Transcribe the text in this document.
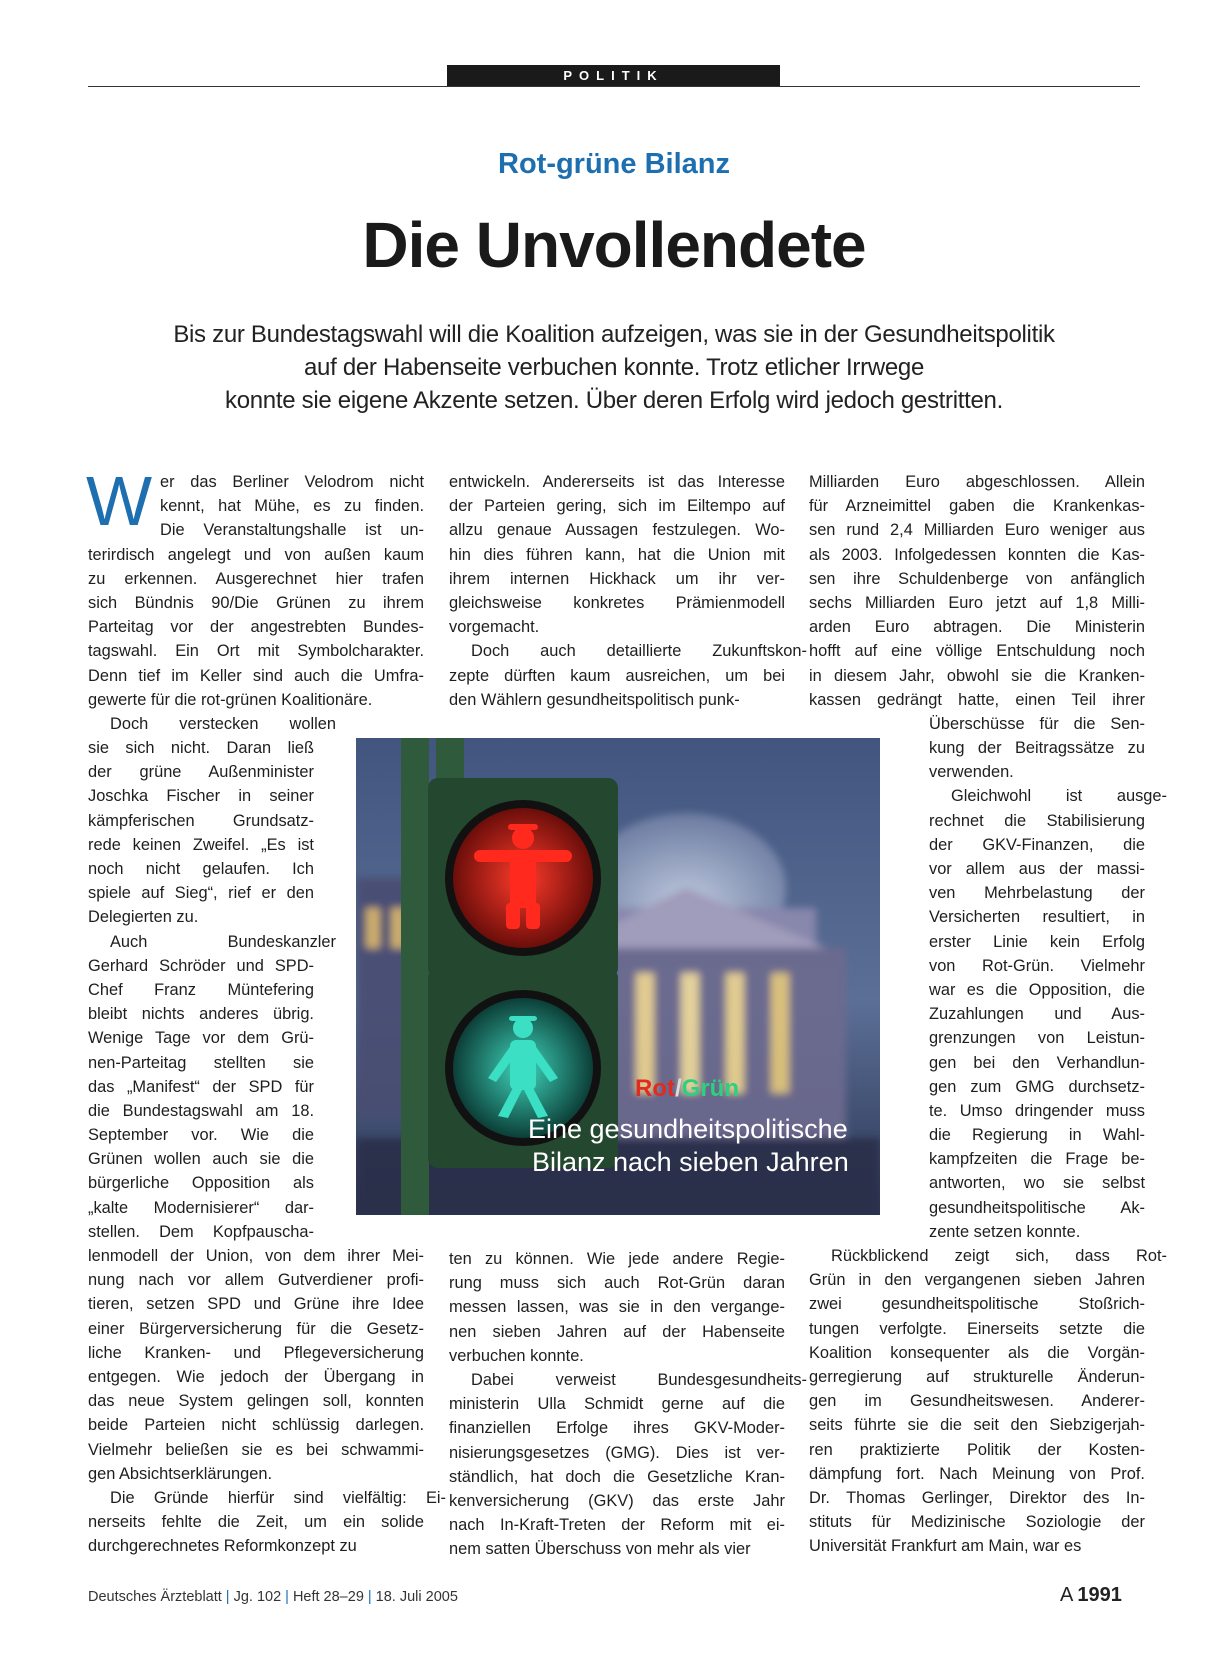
POLITIK
Rot-grüne Bilanz
Die Unvollendete
Bis zur Bundestagswahl will die Koalition aufzeigen, was sie in der Gesundheitspolitik
auf der Habenseite verbuchen konnte. Trotz etlicher Irrwege
konnte sie eigene Akzente setzen. Über deren Erfolg wird jedoch gestritten.
W er das Berliner Velodrom nicht
kennt, hat Mühe, es zu finden.
Die Veranstaltungshalle ist un-
terirdisch angelegt und von außen kaum
zu erkennen. Ausgerechnet hier trafen
sich Bündnis 90/Die Grünen zu ihrem
Parteitag vor der angestrebten Bundes-
tagswahl. Ein Ort mit Symbolcharakter.
Denn tief im Keller sind auch die Umfra-
gewerte für die rot-grünen Koalitionäre.
Doch verstecken wollen
sie sich nicht. Daran ließ
der grüne Außenminister
Joschka Fischer in seiner
kämpferischen Grundsatz-
rede keinen Zweifel. „Es ist
noch nicht gelaufen. Ich
spiele auf Sieg“, rief er den
Delegierten zu.
Auch Bundeskanzler
Gerhard Schröder und SPD-
Chef Franz Müntefering
bleibt nichts anderes übrig.
Wenige Tage vor dem Grü-
nen-Parteitag stellten sie
das „Manifest“ der SPD für
die Bundestagswahl am 18.
September vor. Wie die
Grünen wollen auch sie die
bürgerliche Opposition als
„kalte Modernisierer“ dar-
stellen. Dem Kopfpauscha-
lenmodell der Union, von dem ihrer Mei-
nung nach vor allem Gutverdiener profi-
tieren, setzen SPD und Grüne ihre Idee
einer Bürgerversicherung für die Gesetz-
liche Kranken- und Pflegeversicherung
entgegen. Wie jedoch der Übergang in
das neue System gelingen soll, konnten
beide Parteien nicht schlüssig darlegen.
Vielmehr beließen sie es bei schwammi-
gen Absichtserklärungen.
Die Gründe hierfür sind vielfältig: Ei-
nerseits fehlte die Zeit, um ein solide
durchgerechnetes Reformkonzept zu
entwickeln. Andererseits ist das Interesse
der Parteien gering, sich im Eiltempo auf
allzu genaue Aussagen festzulegen. Wo-
hin dies führen kann, hat die Union mit
ihrem internen Hickhack um ihr ver-
gleichsweise konkretes Prämienmodell
vorgemacht.
Doch auch detaillierte Zukunftskon-
zepte dürften kaum ausreichen, um bei
den Wählern gesundheitspolitisch punk-
ten zu können. Wie jede andere Regie-
rung muss sich auch Rot-Grün daran
messen lassen, was sie in den vergange-
nen sieben Jahren auf der Habenseite
verbuchen konnte.
Dabei verweist Bundesgesundheits-
ministerin Ulla Schmidt gerne auf die
finanziellen Erfolge ihres GKV-Moder-
nisierungsgesetzes (GMG). Dies ist ver-
ständlich, hat doch die Gesetzliche Kran-
kenversicherung (GKV) das erste Jahr
nach In-Kraft-Treten der Reform mit ei-
nem satten Überschuss von mehr als vier
Milliarden Euro abgeschlossen. Allein
für Arzneimittel gaben die Krankenkas-
sen rund 2,4 Milliarden Euro weniger aus
als 2003. Infolgedessen konnten die Kas-
sen ihre Schuldenberge von anfänglich
sechs Milliarden Euro jetzt auf 1,8 Milli-
arden Euro abtragen. Die Ministerin
hofft auf eine völlige Entschuldung noch
in diesem Jahr, obwohl sie die Kranken-
kassen gedrängt hatte, einen Teil ihrer
Überschüsse für die Sen-
kung der Beitragssätze zu
verwenden.
Gleichwohl ist ausge-
rechnet die Stabilisierung
der GKV-Finanzen, die
vor allem aus der massi-
ven Mehrbelastung der
Versicherten resultiert, in
erster Linie kein Erfolg
von Rot-Grün. Vielmehr
war es die Opposition, die
Zuzahlungen und Aus-
grenzungen von Leistun-
gen bei den Verhandlun-
gen zum GMG durchsetz-
te. Umso dringender muss
die Regierung in Wahl-
kampfzeiten die Frage be-
antworten, wo sie selbst
gesundheitspolitische Ak-
zente setzen konnte.
Rückblickend zeigt sich, dass Rot-
Grün in den vergangenen sieben Jahren
zwei gesundheitspolitische Stoßrich-
tungen verfolgte. Einerseits setzte die
Koalition konsequenter als die Vorgän-
gerregierung auf strukturelle Änderun-
gen im Gesundheitswesen. Anderer-
seits führte sie die seit den Siebzigerjah-
ren praktizierte Politik der Kosten-
dämpfung fort. Nach Meinung von Prof.
Dr. Thomas Gerlinger, Direktor des In-
stituts für Medizinische Soziologie der
Universität Frankfurt am Main, war es
Rot/Grün
Eine gesundheitspolitische
Bilanz nach sieben Jahren
Deutsches Ärzteblatt | Jg. 102 | Heft 28–29 | 18. Juli 2005	A  1991
